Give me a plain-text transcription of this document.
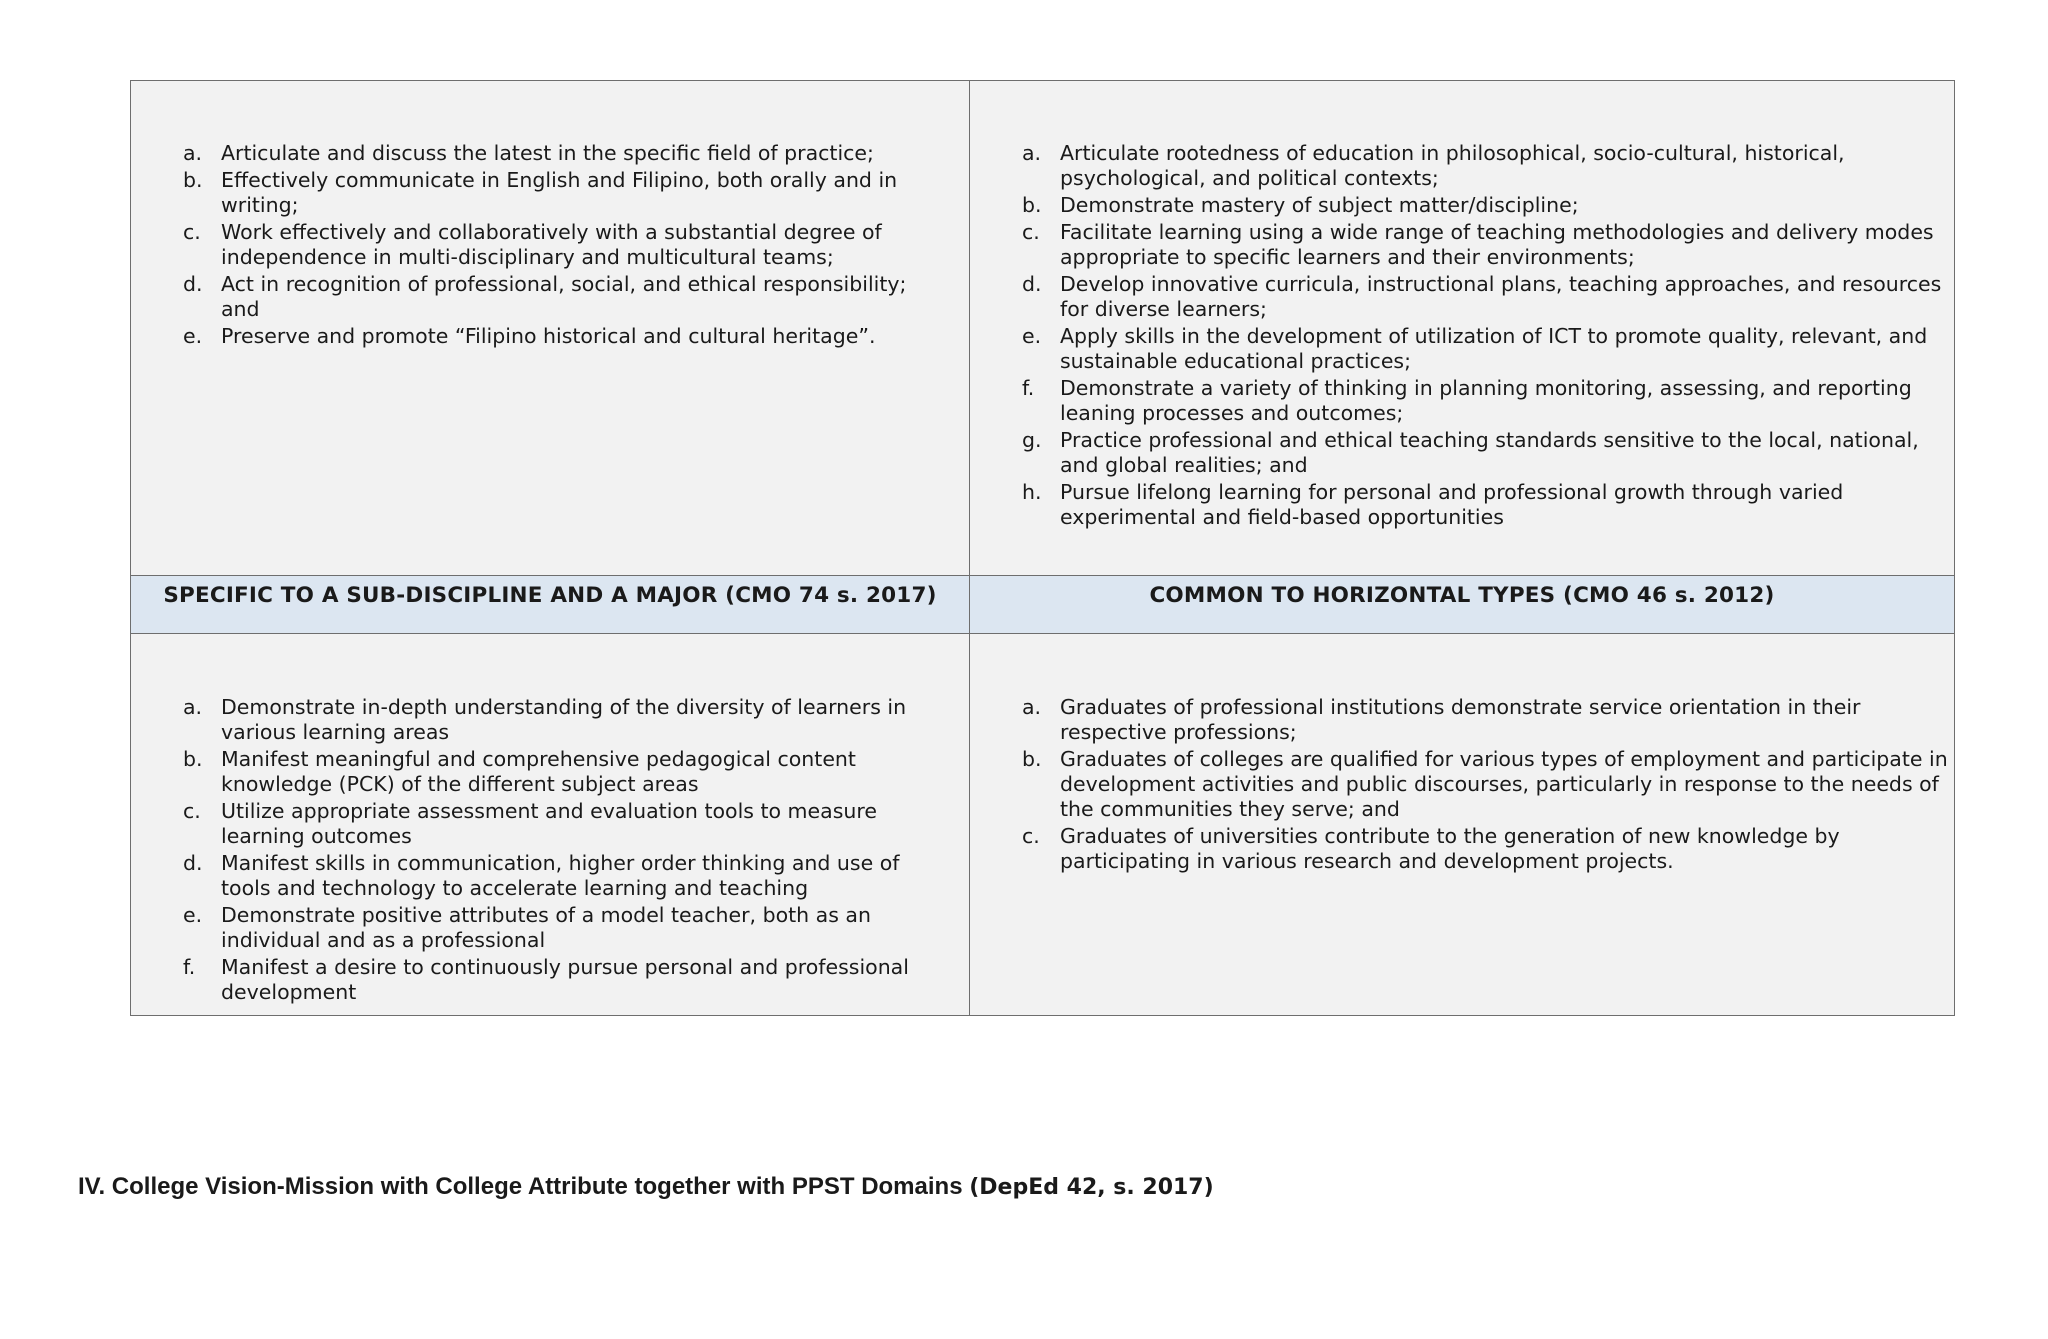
a. Articulate and discuss the latest in the specific field of practice;
b. Effectively communicate in English and Filipino, both orally and in writing;
c. Work effectively and collaboratively with a substantial degree of independence in multi-disciplinary and multicultural teams;
d. Act in recognition of professional, social, and ethical responsibility; and
e. Preserve and promote “Filipino historical and cultural heritage”.
a. Articulate rootedness of education in philosophical, socio-cultural, historical, psychological, and political contexts;
b. Demonstrate mastery of subject matter/discipline;
c. Facilitate learning using a wide range of teaching methodologies and delivery modes appropriate to specific learners and their environments;
d. Develop innovative curricula, instructional plans, teaching approaches, and resources for diverse learners;
e. Apply skills in the development of utilization of ICT to promote quality, relevant, and sustainable educational practices;
f. Demonstrate a variety of thinking in planning monitoring, assessing, and reporting leaning processes and outcomes;
g. Practice professional and ethical teaching standards sensitive to the local, national, and global realities; and
h. Pursue lifelong learning for personal and professional growth through varied experimental and field-based opportunities
SPECIFIC TO A SUB-DISCIPLINE AND A MAJOR (CMO 74 s. 2017)	COMMON TO HORIZONTAL TYPES (CMO 46 s. 2012)
a. Demonstrate in-depth understanding of the diversity of learners in various learning areas
b. Manifest meaningful and comprehensive pedagogical content knowledge (PCK) of the different subject areas
c. Utilize appropriate assessment and evaluation tools to measure learning outcomes
d. Manifest skills in communication, higher order thinking and use of tools and technology to accelerate learning and teaching
e. Demonstrate positive attributes of a model teacher, both as an individual and as a professional
f. Manifest a desire to continuously pursue personal and professional development
a. Graduates of professional institutions demonstrate service orientation in their respective professions;
b. Graduates of colleges are qualified for various types of employment and participate in development activities and public discourses, particularly in response to the needs of the communities they serve; and
c. Graduates of universities contribute to the generation of new knowledge by participating in various research and development projects.
IV. College Vision-Mission with College Attribute together with PPST Domains (DepEd 42, s. 2017)
